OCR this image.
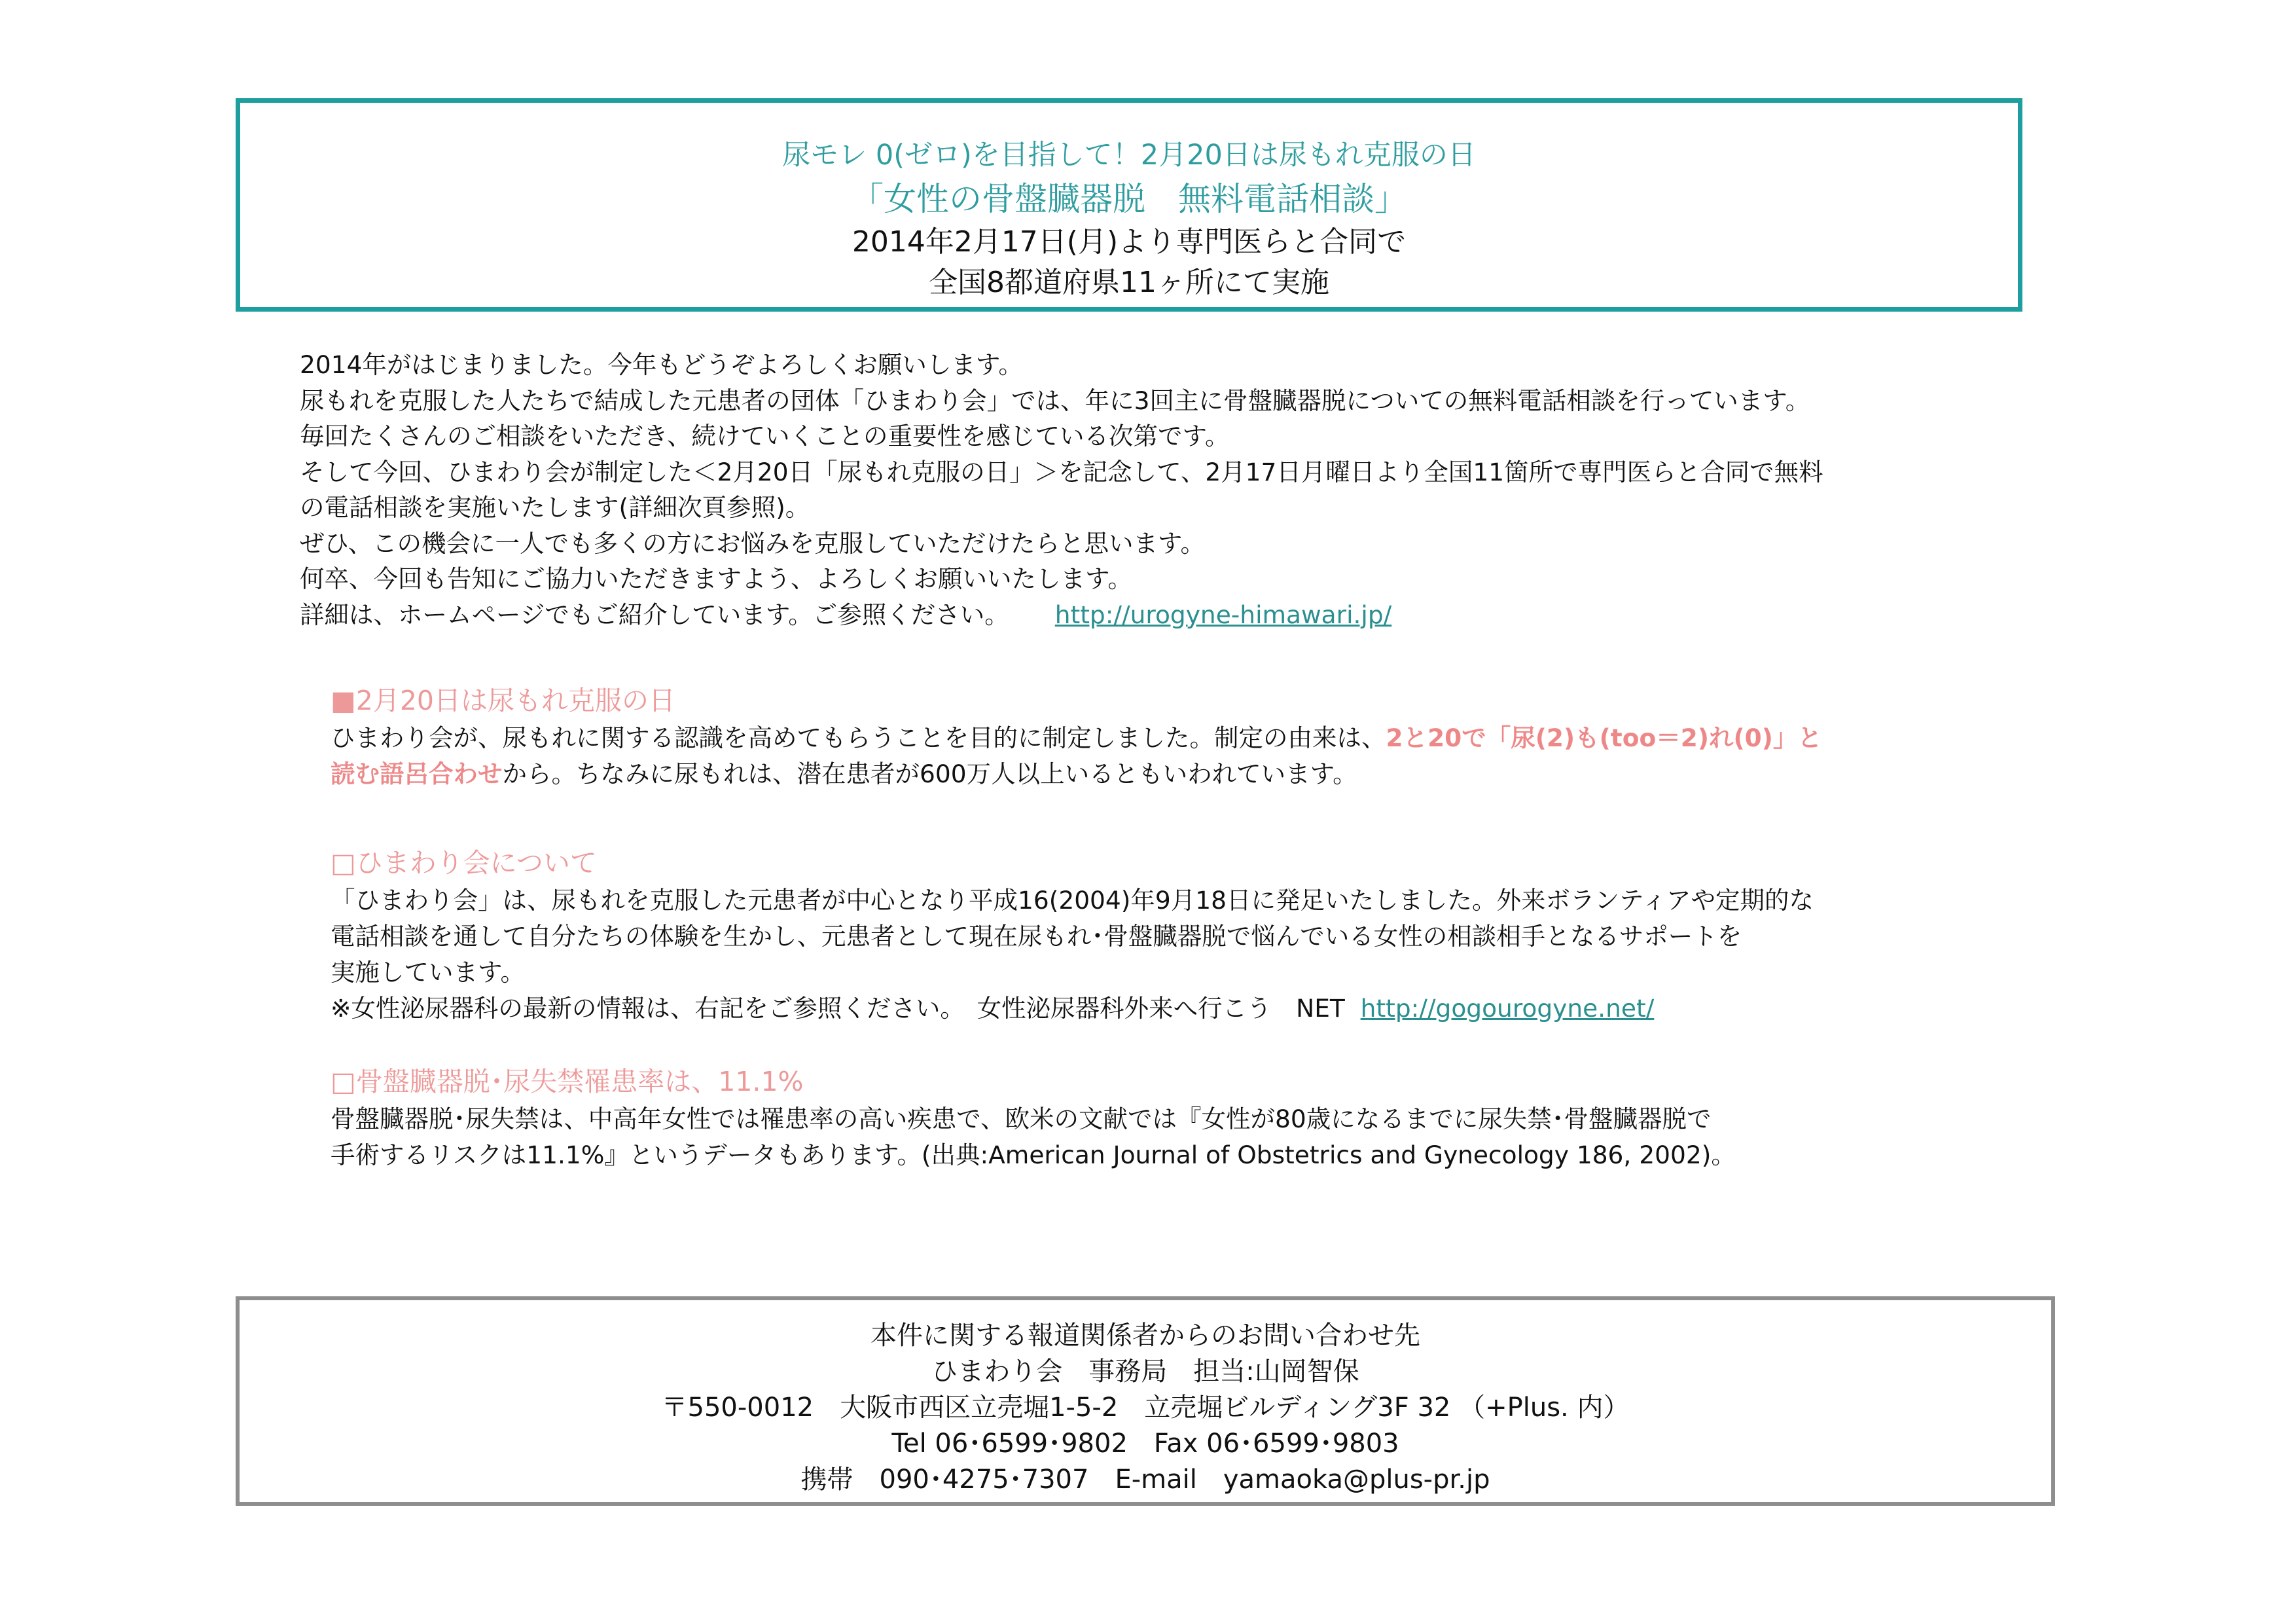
尿モレ 0(ゼロ)を目指して！2月20日は尿もれ克服の日
「女性の骨盤臓器脱　無料電話相談」
2014年2月17日(月)より専門医らと合同で
全国8都道府県11ヶ所にて実施
2014年がはじまりました。今年もどうぞよろしくお願いします。
尿もれを克服した人たちで結成した元患者の団体「ひまわり会」では、年に3回主に骨盤臓器脱についての無料電話相談を行っています。
毎回たくさんのご相談をいただき、続けていくことの重要性を感じている次第です。
そして今回、ひまわり会が制定した＜2月20日「尿もれ克服の日」＞を記念して、2月17日月曜日より全国11箇所で専門医らと合同で無料
の電話相談を実施いたします(詳細次頁参照)。
ぜひ、この機会に一人でも多くの方にお悩みを克服していただけたらと思います。
何卒、今回も告知にご協力いただきますよう、よろしくお願いいたします。
詳細は、ホームページでもご紹介しています。ご参照ください。 http://urogyne-himawari.jp/
■2月20日は尿もれ克服の日
ひまわり会が、尿もれに関する認識を高めてもらうことを目的に制定しました。制定の由来は、2と20で「尿(2)も(too＝2)れ(0)」と
読む語呂合わせから。ちなみに尿もれは、潜在患者が600万人以上いるともいわれています。
□ひまわり会について
「ひまわり会」は、尿もれを克服した元患者が中心となり平成16(2004)年9月18日に発足いたしました。外来ボランティアや定期的な
電話相談を通して自分たちの体験を生かし、元患者として現在尿もれ･骨盤臓器脱で悩んでいる女性の相談相手となるサポートを
実施しています。
※女性泌尿器科の最新の情報は、右記をご参照ください。　女性泌尿器科外来へ行こう　NET http://gogourogyne.net/
□骨盤臓器脱･尿失禁罹患率は、11.1%
骨盤臓器脱･尿失禁は、中高年女性では罹患率の高い疾患で、欧米の文献では『女性が80歳になるまでに尿失禁･骨盤臓器脱で
手術するリスクは11.1%』というデータもあります。(出典:American Journal of Obstetrics and Gynecology 186, 2002)。
本件に関する報道関係者からのお問い合わせ先
ひまわり会　事務局　担当:山岡智保
〒550-0012　大阪市西区立売堀1-5-2　立売堀ビルディング3F 32 （+Plus. 内）
Tel 06･6599･9802　Fax 06･6599･9803
携帯　090･4275･7307　E-mail　yamaoka@plus-pr.jp
